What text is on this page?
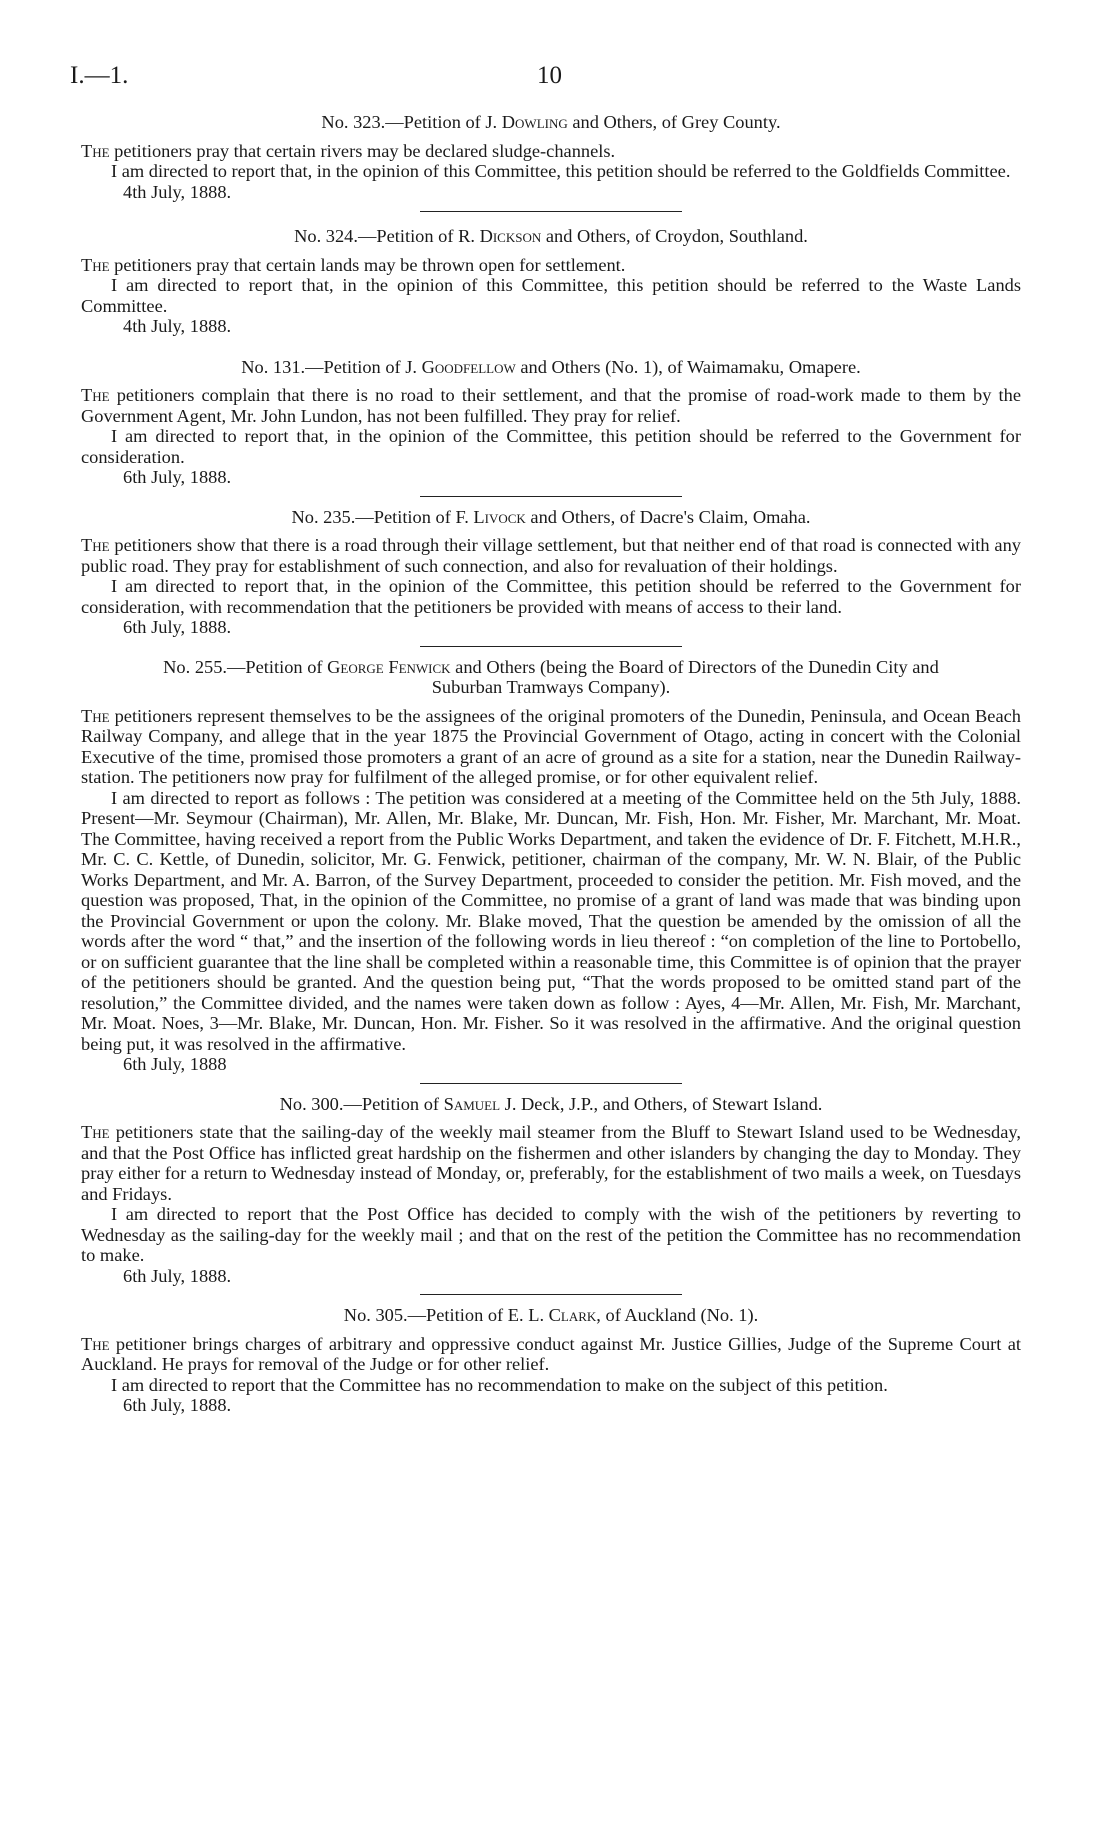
I.—1.	10
No. 323.—Petition of J. Dowling and Others, of Grey County.

The petitioners pray that certain rivers may be declared sludge-channels.

I am directed to report that, in the opinion of this Committee, this petition should be referred to the Goldfields Committee.

4th July, 1888.

No. 324.—Petition of R. Dickson and Others, of Croydon, Southland.

The petitioners pray that certain lands may be thrown open for settlement.

I am directed to report that, in the opinion of this Committee, this petition should be referred to the Waste Lands Committee.

4th July, 1888.

No. 131.—Petition of J. Goodfellow and Others (No. 1), of Waimamaku, Omapere.

The petitioners complain that there is no road to their settlement, and that the promise of road-work made to them by the Government Agent, Mr. John Lundon, has not been fulfilled. They pray for relief.

I am directed to report that, in the opinion of the Committee, this petition should be referred to the Government for consideration.

6th July, 1888.

No. 235.—Petition of F. Livock and Others, of Dacre's Claim, Omaha.

The petitioners show that there is a road through their village settlement, but that neither end of that road is connected with any public road. They pray for establishment of such connection, and also for revaluation of their holdings.

I am directed to report that, in the opinion of the Committee, this petition should be referred to the Government for consideration, with recommendation that the petitioners be provided with means of access to their land.

6th July, 1888.

No. 255.—Petition of George Fenwick and Others (being the Board of Directors of the Dunedin City and Suburban Tramways Company).

The petitioners represent themselves to be the assignees of the original promoters of the Dunedin, Peninsula, and Ocean Beach Railway Company, and allege that in the year 1875 the Provincial Government of Otago, acting in concert with the Colonial Executive of the time, promised those promoters a grant of an acre of ground as a site for a station, near the Dunedin Railway-station. The petitioners now pray for fulfilment of the alleged promise, or for other equivalent relief.

I am directed to report as follows : The petition was considered at a meeting of the Committee held on the 5th July, 1888. Present—Mr. Seymour (Chairman), Mr. Allen, Mr. Blake, Mr. Duncan, Mr. Fish, Hon. Mr. Fisher, Mr. Marchant, Mr. Moat. The Committee, having received a report from the Public Works Department, and taken the evidence of Dr. F. Fitchett, M.H.R., Mr. C. C. Kettle, of Dunedin, solicitor, Mr. G. Fenwick, petitioner, chairman of the company, Mr. W. N. Blair, of the Public Works Department, and Mr. A. Barron, of the Survey Department, proceeded to consider the petition. Mr. Fish moved, and the question was proposed, That, in the opinion of the Committee, no promise of a grant of land was made that was binding upon the Provincial Government or upon the colony. Mr. Blake moved, That the question be amended by the omission of all the words after the word “ that,” and the insertion of the following words in lieu thereof : “on completion of the line to Portobello, or on sufficient guarantee that the line shall be completed within a reasonable time, this Committee is of opinion that the prayer of the petitioners should be granted. And the question being put, “That the words proposed to be omitted stand part of the resolution,” the Committee divided, and the names were taken down as follow : Ayes, 4—Mr. Allen, Mr. Fish, Mr. Marchant, Mr. Moat. Noes, 3—Mr. Blake, Mr. Duncan, Hon. Mr. Fisher. So it was resolved in the affirmative. And the original question being put, it was resolved in the affirmative.

6th July, 1888

No. 300.—Petition of Samuel J. Deck, J.P., and Others, of Stewart Island.

The petitioners state that the sailing-day of the weekly mail steamer from the Bluff to Stewart Island used to be Wednesday, and that the Post Office has inflicted great hardship on the fishermen and other islanders by changing the day to Monday. They pray either for a return to Wednesday instead of Monday, or, preferably, for the establishment of two mails a week, on Tuesdays and Fridays.

I am directed to report that the Post Office has decided to comply with the wish of the petitioners by reverting to Wednesday as the sailing-day for the weekly mail ; and that on the rest of the petition the Committee has no recommendation to make.

6th July, 1888.

No. 305.—Petition of E. L. Clark, of Auckland (No. 1).

The petitioner brings charges of arbitrary and oppressive conduct against Mr. Justice Gillies, Judge of the Supreme Court at Auckland. He prays for removal of the Judge or for other relief.

I am directed to report that the Committee has no recommendation to make on the subject of this petition.

6th July, 1888.
